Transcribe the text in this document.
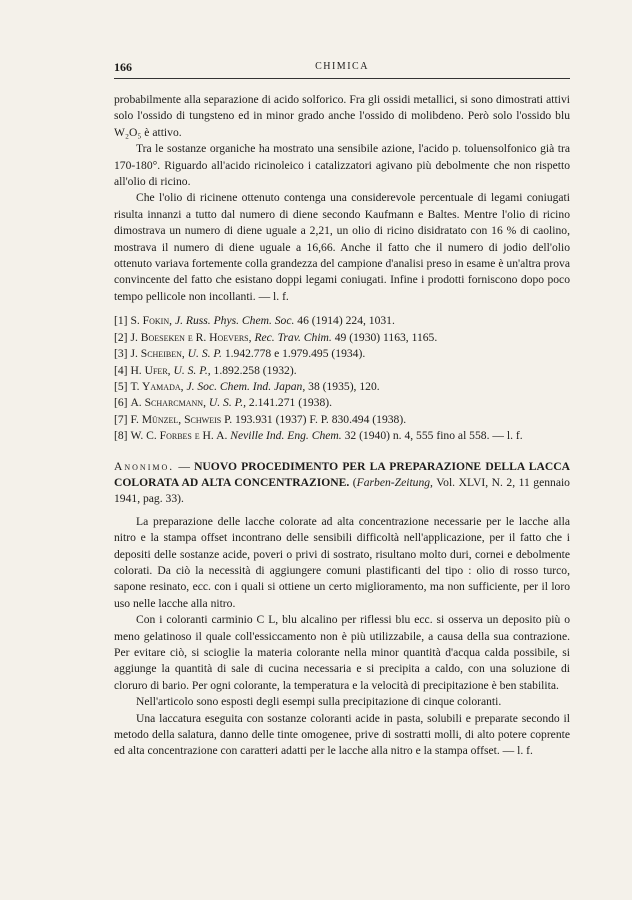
166	CHIMICA

probabilmente alla separazione di acido solforico. Fra gli ossidi metallici, si sono dimostrati attivi solo l'ossido di tungsteno ed in minor grado anche l'ossido di molibdeno. Però solo l'ossido blu W₂O₅ è attivo.

Tra le sostanze organiche ha mostrato una sensibile azione, l'acido p. toluensolfonico già tra 170-180°. Riguardo all'acido ricinoleico i catalizzatori agivano più debolmente che non rispetto all'olio di ricino.

Che l'olio di ricinene ottenuto contenga una considerevole percentuale di legami coniugati risulta innanzi a tutto dal numero di diene secondo Kaufmann e Baltes. Mentre l'olio di ricino dimostrava un numero di diene uguale a 2,21, un olio di ricino disidratato con 16 % di caolino, mostrava il numero di diene uguale a 16,66. Anche il fatto che il numero di jodio dell'olio ottenuto variava fortemente colla grandezza del campione d'analisi preso in esame è un'altra prova convincente del fatto che esistano doppi legami coniugati. Infine i prodotti forniscono dopo poco tempo pellicole non incollanti. — l. f.

[1] S. Fokin, J. Russ. Phys. Chem. Soc. 46 (1914) 224, 1031.
[2] J. Boeseken e R. Hoevers, Rec. Trav. Chim. 49 (1930) 1163, 1165.
[3] J. Scheiben, U. S. P. 1.942.778 e 1.979.495 (1934).
[4] H. Ufer, U. S. P., 1.892.258 (1932).
[5] T. Yamada, J. Soc. Chem. Ind. Japan, 38 (1935), 120.
[6] A. Scharcmann, U. S. P., 2.141.271 (1938).
[7] F. Münzel, Schweis P. 193.931 (1937) F. P. 830.494 (1938).
[8] W. C. Forbes e H. A. Neville Ind. Eng. Chem. 32 (1940) n. 4, 555 fino al 558. — l. f.

Anonimo. — NUOVO PROCEDIMENTO PER LA PREPARAZIONE DELLA LACCA COLORATA AD ALTA CONCENTRAZIONE. (Farben-Zeitung, Vol. XLVI, N. 2, 11 gennaio 1941, pag. 33).

La preparazione delle lacche colorate ad alta concentrazione necessarie per le lacche alla nitro e la stampa offset incontrano delle sensibili difficoltà nell'applicazione, per il fatto che i depositi delle sostanze acide, poveri o privi di sostrato, risultano molto duri, cornei e debolmente colorati. Da ciò la necessità di aggiungere comuni plastificanti del tipo : olio di rosso turco, sapone resinato, ecc. con i quali si ottiene un certo miglioramento, ma non sufficiente, per il loro uso nelle lacche alla nitro.

Con i coloranti carminio C L, blu alcalino per riflessi blu ecc. si osserva un deposito più o meno gelatinoso il quale coll'essiccamento non è più utilizzabile, a causa della sua contrazione. Per evitare ciò, si scioglie la materia colorante nella minor quantità d'acqua calda possibile, si aggiunge la quantità di sale di cucina necessaria e si precipita a caldo, con una soluzione di cloruro di bario. Per ogni colorante, la temperatura e la velocità di precipitazione è ben stabilita.

Nell'articolo sono esposti degli esempi sulla precipitazione di cinque coloranti.

Una laccatura eseguita con sostanze coloranti acide in pasta, solubili e preparate secondo il metodo della salatura, danno delle tinte omogenee, prive di sostratti molli, di alto potere coprente ed alta concentrazione con caratteri adatti per le lacche alla nitro e la stampa offset. — l. f.
